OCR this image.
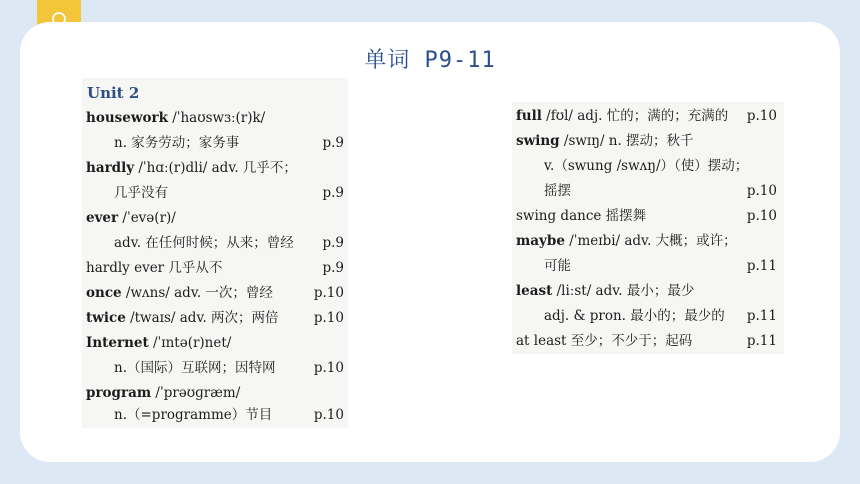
单词 P9-11
Unit 2
housework /ˈhaʊswɜː(r)k/
n. 家务劳动；家务事	p.9
hardly /ˈhɑː(r)dli/ adv. 几乎不；
几乎没有	p.9
ever /ˈevə(r)/
adv. 在任何时候；从来；曾经 p.9
hardly ever 几乎从不	p.9
once /wʌns/ adv. 一次；曾经	p.10
twice /twaɪs/ adv. 两次；两倍	p.10
Internet /ˈɪntə(r)net/
n.（国际）互联网；因特网	p.10
program /ˈprəʊɡræm/
n.（=programme）节目	p.10
full /fʊl/ adj. 忙的；满的；充满的 p.10
swing /swɪŋ/ n. 摆动；秋千
v.（swung /swʌŋ/）（使）摆动；
摇摆	p.10
swing dance 摇摆舞	p.10
maybe /ˈmeɪbi/ adv. 大概；或许；
可能	p.11
least /liːst/ adv. 最小；最少
adj. & pron. 最小的；最少的 p.11
at least 至少；不少于；起码	p.11
